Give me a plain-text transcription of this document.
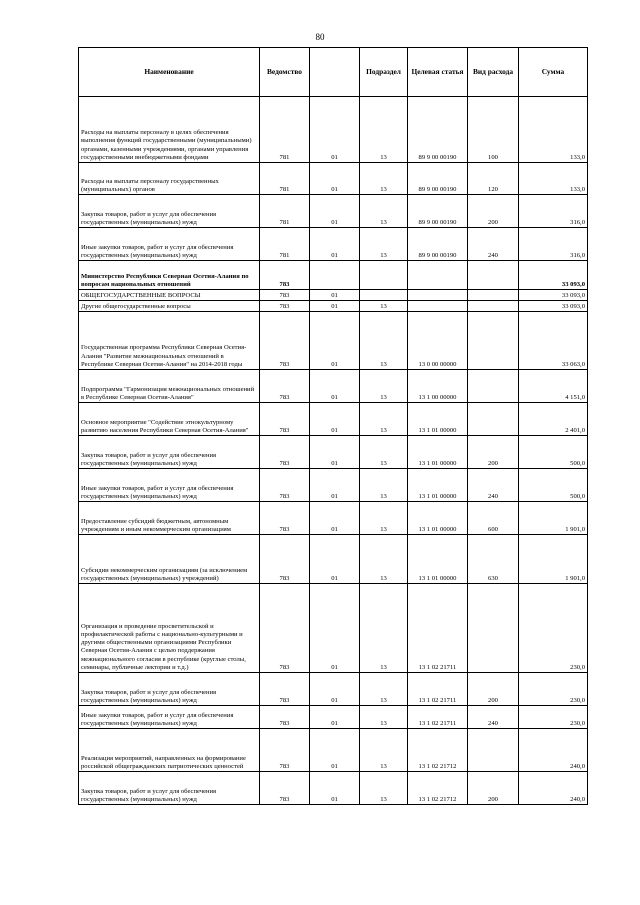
80
Наименование	Ведомство		Подраздел	Целевая статья	Вид расхода	Сумма
Расходы на выплаты персоналу в целях обеспечения выполнения функций государственными (муниципальными) органами, казенными учреждениями, органами управления государственными внебюджетными фондами	781	01	13	89 9 00 00190	100	133,0
Расходы на выплаты персоналу государственных (муниципальных) органов	781	01	13	89 9 00 00190	120	133,0
Закупка товаров, работ и услуг для обеспечения государственных (муниципальных) нужд	781	01	13	89 9 00 00190	200	316,0
Иные закупки товаров, работ и услуг для обеспечения государственных (муниципальных) нужд	781	01	13	89 9 00 00190	240	316,0
Министерство Республики Северная Осетия-Алания по вопросам национальных отношений	783					33 093,0
ОБЩЕГОСУДАРСТВЕННЫЕ ВОПРОСЫ	783	01				33 093,0
Другие общегосударственные вопросы	783	01	13			33 093,0
Государственная программа Республики Северная Осетия-Алания "Развитие межнациональных отношений в Республике Северная Осетия-Алания" на 2014-2018 годы	783	01	13	13 0 00 00000		33 063,0
Подпрограмма "Гармонизация межнациональных отношений в Республике Северная Осетия-Алания"	783	01	13	13 1 00 00000		4 151,0
Основное мероприятие "Содействие этнокультурному развитию населения Республики Северная Осетия-Алания"	783	01	13	13 1 01 00000		2 401,0
Закупка товаров, работ и услуг для обеспечения государственных (муниципальных) нужд	783	01	13	13 1 01 00000	200	500,0
Иные закупки товаров, работ и услуг для обеспечения государственных (муниципальных) нужд	783	01	13	13 1 01 00000	240	500,0
Предоставление субсидий бюджетным, автономным учреждениям и иным некоммерческим организациям	783	01	13	13 1 01 00000	600	1 901,0
Субсидии некоммерческим организациям (за исключением государственных (муниципальных) учреждений)	783	01	13	13 1 01 00000	630	1 901,0
Организация и проведение просветительской и профилактической работы с национально-культурными и другими общественными организациями Республики Северная Осетия-Алания с целью поддержания межнационального согласия в республике (круглые столы, семинары, публичные лектории и т.д.)	783	01	13	13 1 02 21711		230,0
Закупка товаров, работ и услуг для обеспечения государственных (муниципальных) нужд	783	01	13	13 1 02 21711	200	230,0
Иные закупки товаров, работ и услуг для обеспечения государственных (муниципальных) нужд	783	01	13	13 1 02 21711	240	230,0
Реализация мероприятий, направленных на формирование российской общегражданских патриотических ценностей	783	01	13	13 1 02 21712		240,0
Закупка товаров, работ и услуг для обеспечения государственных (муниципальных) нужд	783	01	13	13 1 02 21712	200	240,0
